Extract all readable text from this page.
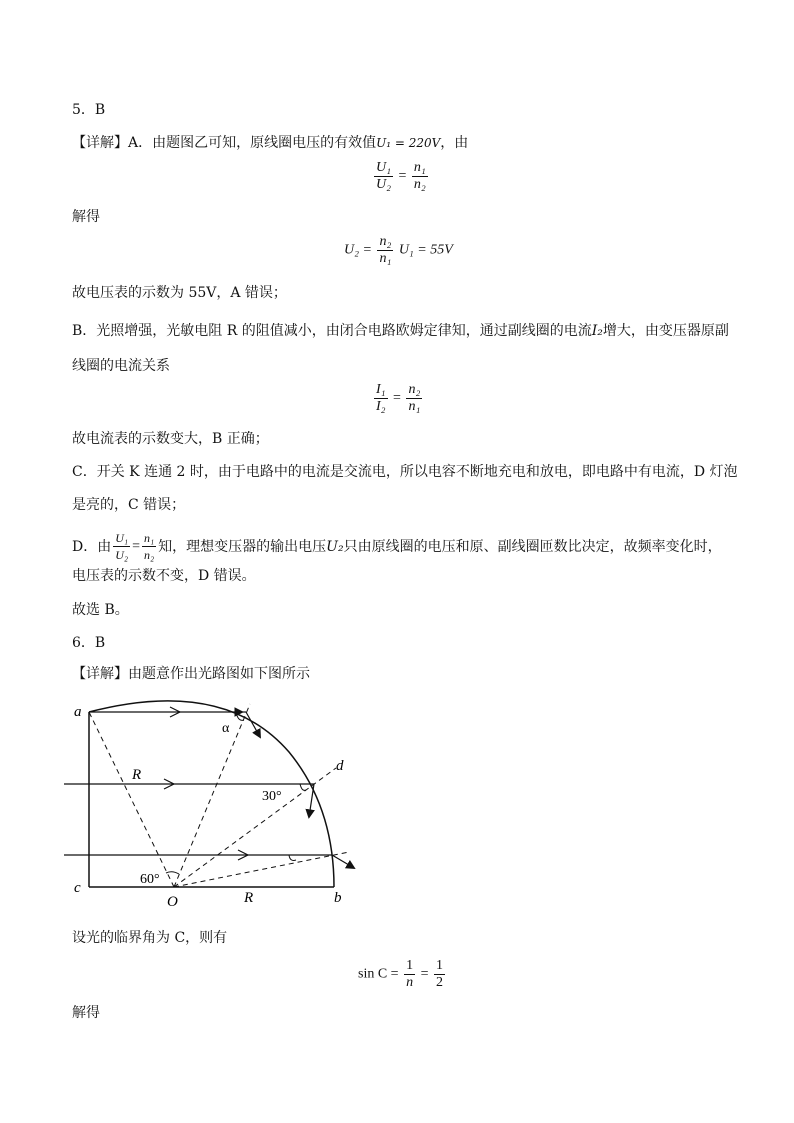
5．B
【详解】A．由题图乙可知，原线圈电压的有效值U₁ = 220V，由
$\frac{\text{U₁}}{\text{U₂}} = \frac{\text{n₁}}{\text{n₂}}$
解得
$U_2 = \frac{\text{n₂}}{\text{n₁}} U_1 = 55V$
故电压表的示数为 55V，A 错误；
B．光照增强，光敏电阻 R 的阻值减小，由闭合电路欧姆定律知，通过副线圈的电流I₂增大，由变压器原副
线圈的电流关系
$\frac{\text{I₁}}{\text{I₂}} = \frac{\text{n₂}}{\text{n₁}}$
故电流表的示数变大，B 正确；
C．开关 K 连通 2 时，由于电路中的电流是交流电，所以电容不断地充电和放电，即电路中有电流，D 灯泡
是亮的，C 错误；
D．由 $\frac{\text{U₁}}{\text{U₂}} = \frac{\text{n₁}}{\text{n₂}}$ 知，理想变压器的输出电压 U₂ 只由原线圈的电压和原、副线圈匝数比决定，故频率变化时，
电压表的示数不变，D 错误。
故选 B。
6．B
【详解】由题意作出光路图如下图所示
a
α
R
d
30°
60°
c
O	R	b
设光的临界角为 C，则有
$\sin C = \frac{1}{n} = \frac{1}{2}$
解得
